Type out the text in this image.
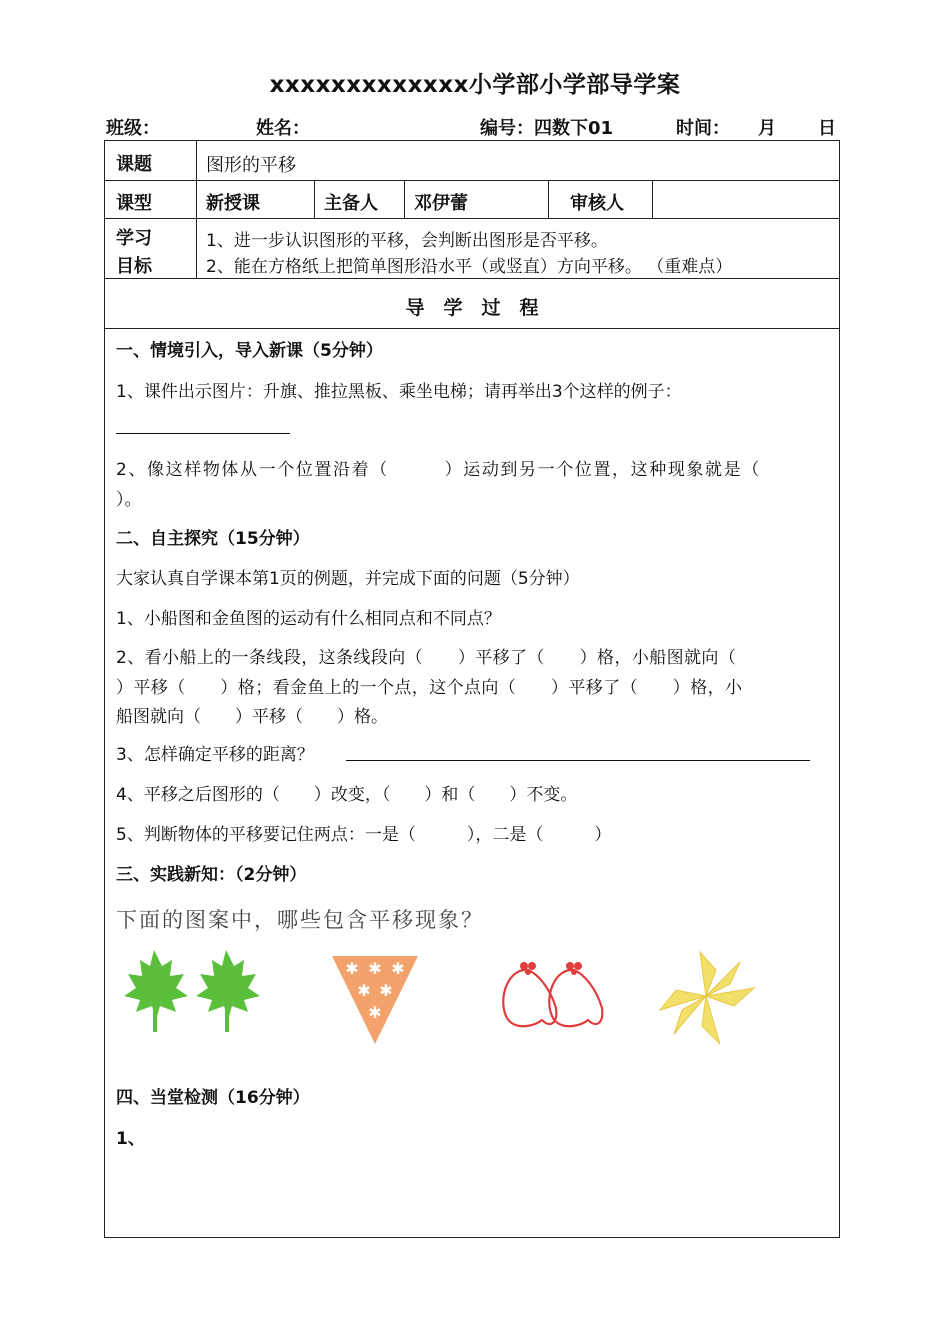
xxxxxxxxxxxxx小学部小学部导学案
班级：	姓名：	编号：四数下01	时间： 月 日
课题	图形的平移
课型	新授课	主备人 邓伊蕾	审核人
学习
目标
1、进一步认识图形的平移，会判断出图形是否平移。
2、能在方格纸上把简单图形沿水平（或竖直）方向平移。 （重难点）
导　学　过　程
一、情境引入，导入新课（5分钟）
1、课件出示图片：升旗、推拉黑板、乘坐电梯；请再举出3个这样的例子：
2、像这样物体从一个位置沿着（　　　）运动到另一个位置，这种现象就是（
）。
二、自主探究（15分钟）
大家认真自学课本第1页的例题，并完成下面的问题（5分钟）
1、小船图和金鱼图的运动有什么相同点和不同点？
2、看小船上的一条线段，这条线段向（　　）平移了（　　）格，小船图就向（
）平移（　　）格；看金鱼上的一个点，这个点向（　　）平移了（　　）格，小
船图就向（　　）平移（　　）格。
3、怎样确定平移的距离？
4、平移之后图形的（　　）改变，（　　）和（　　）不变。
5、判断物体的平移要记住两点：一是（　　　），二是（　　　）
三、实践新知：（2分钟）
下面的图案中，哪些包含平移现象？
✱ ✱ ✱
✱ ✱
✱
四、当堂检测（16分钟）
1、
